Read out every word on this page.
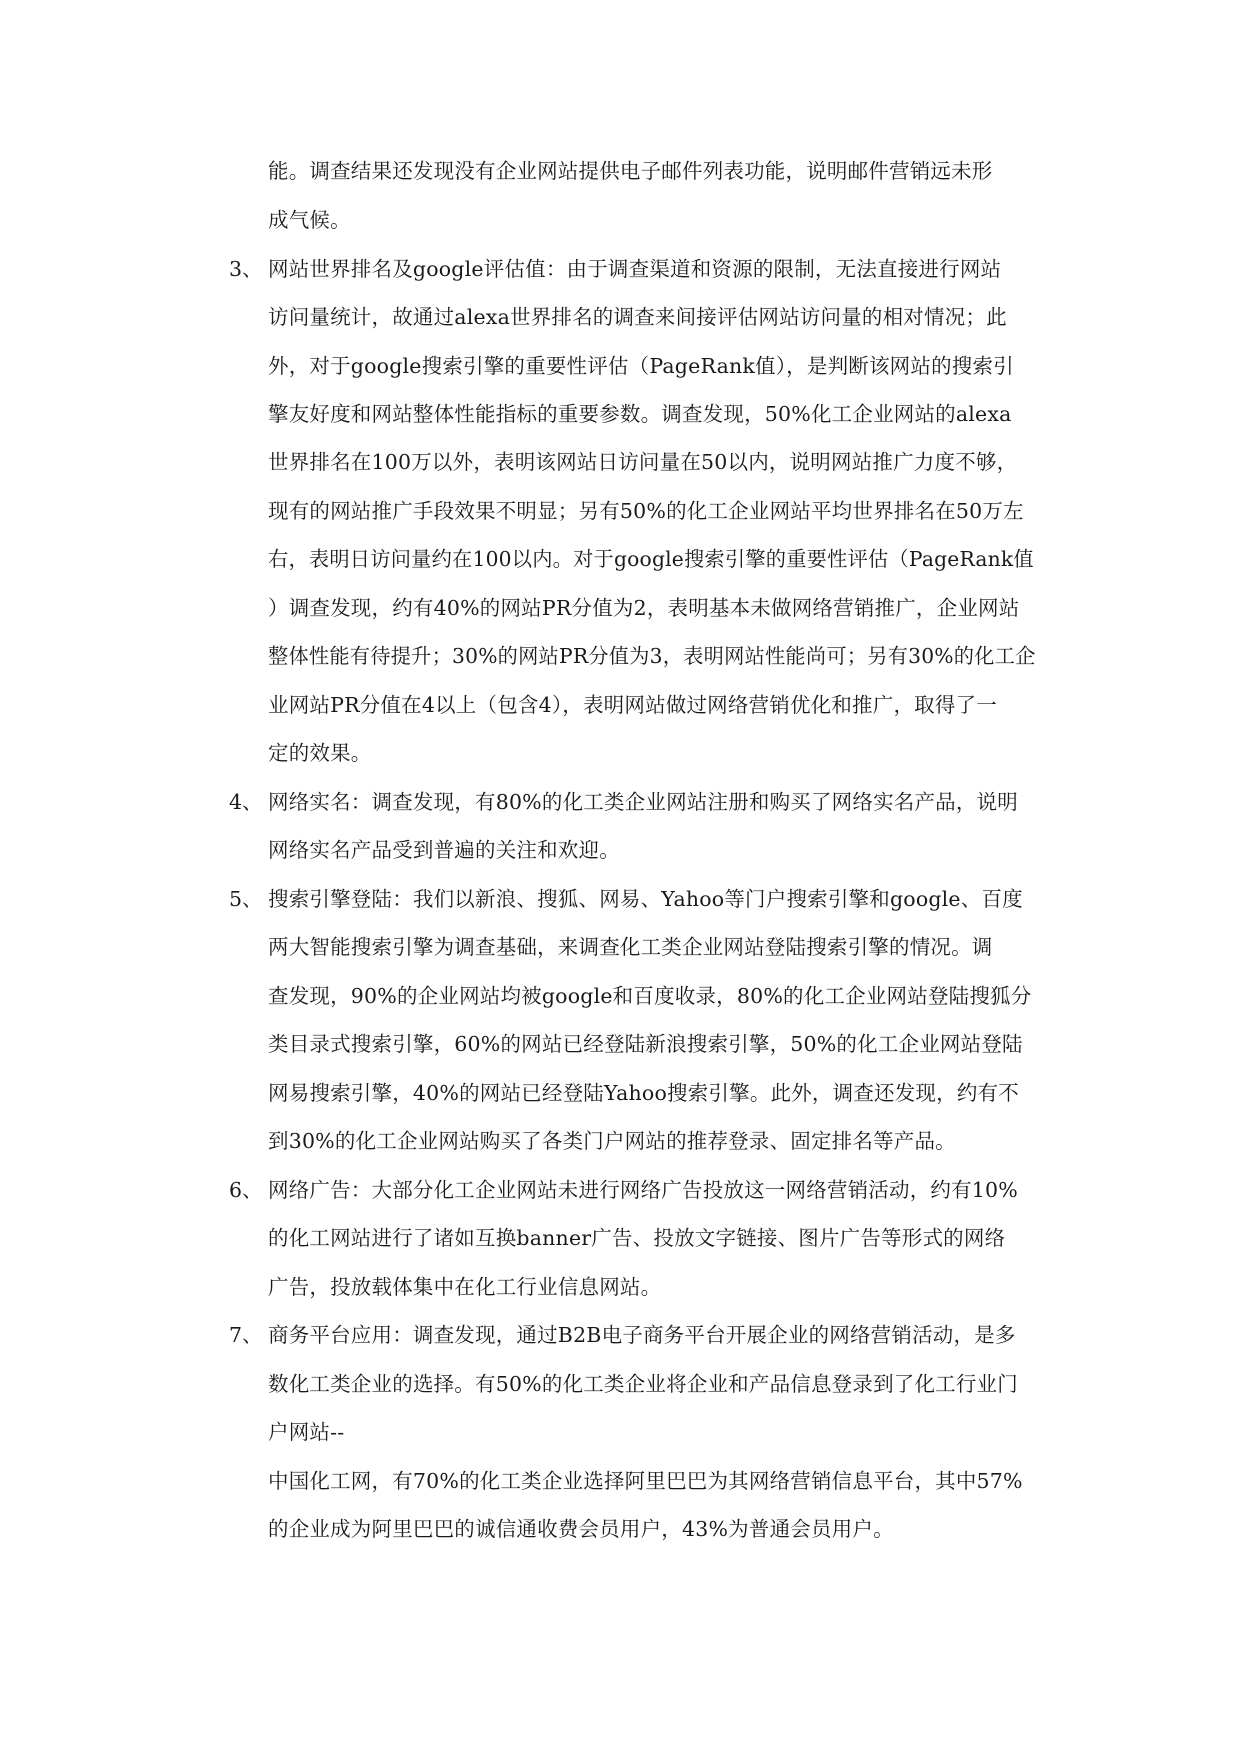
能。调查结果还发现没有企业网站提供电子邮件列表功能，说明邮件营销远未形
成气候。
3、 网站世界排名及google评估值：由于调查渠道和资源的限制，无法直接进行网站
访问量统计，故通过alexa世界排名的调查来间接评估网站访问量的相对情况；此
外，对于google搜索引擎的重要性评估（PageRank值），是判断该网站的搜索引
擎友好度和网站整体性能指标的重要参数。调查发现，50%化工企业网站的alexa
世界排名在100万以外，表明该网站日访问量在50以内，说明网站推广力度不够，
现有的网站推广手段效果不明显；另有50%的化工企业网站平均世界排名在50万左
右，表明日访问量约在100以内。对于google搜索引擎的重要性评估（PageRank值
）调查发现，约有40%的网站PR分值为2，表明基本未做网络营销推广，企业网站
整体性能有待提升；30%的网站PR分值为3，表明网站性能尚可；另有30%的化工企
业网站PR分值在4以上（包含4），表明网站做过网络营销优化和推广，取得了一
定的效果。
4、 网络实名：调查发现，有80%的化工类企业网站注册和购买了网络实名产品，说明
网络实名产品受到普遍的关注和欢迎。
5、 搜索引擎登陆：我们以新浪、搜狐、网易、Yahoo等门户搜索引擎和google、百度
两大智能搜索引擎为调查基础，来调查化工类企业网站登陆搜索引擎的情况。调
查发现，90%的企业网站均被google和百度收录，80%的化工企业网站登陆搜狐分
类目录式搜索引擎，60%的网站已经登陆新浪搜索引擎，50%的化工企业网站登陆
网易搜索引擎，40%的网站已经登陆Yahoo搜索引擎。此外，调查还发现，约有不
到30%的化工企业网站购买了各类门户网站的推荐登录、固定排名等产品。
6、 网络广告：大部分化工企业网站未进行网络广告投放这一网络营销活动，约有10%
的化工网站进行了诸如互换banner广告、投放文字链接、图片广告等形式的网络
广告，投放载体集中在化工行业信息网站。
7、 商务平台应用：调查发现，通过B2B电子商务平台开展企业的网络营销活动，是多
数化工类企业的选择。有50%的化工类企业将企业和产品信息登录到了化工行业门
户网站--
中国化工网，有70%的化工类企业选择阿里巴巴为其网络营销信息平台，其中57%
的企业成为阿里巴巴的诚信通收费会员用户，43%为普通会员用户。
